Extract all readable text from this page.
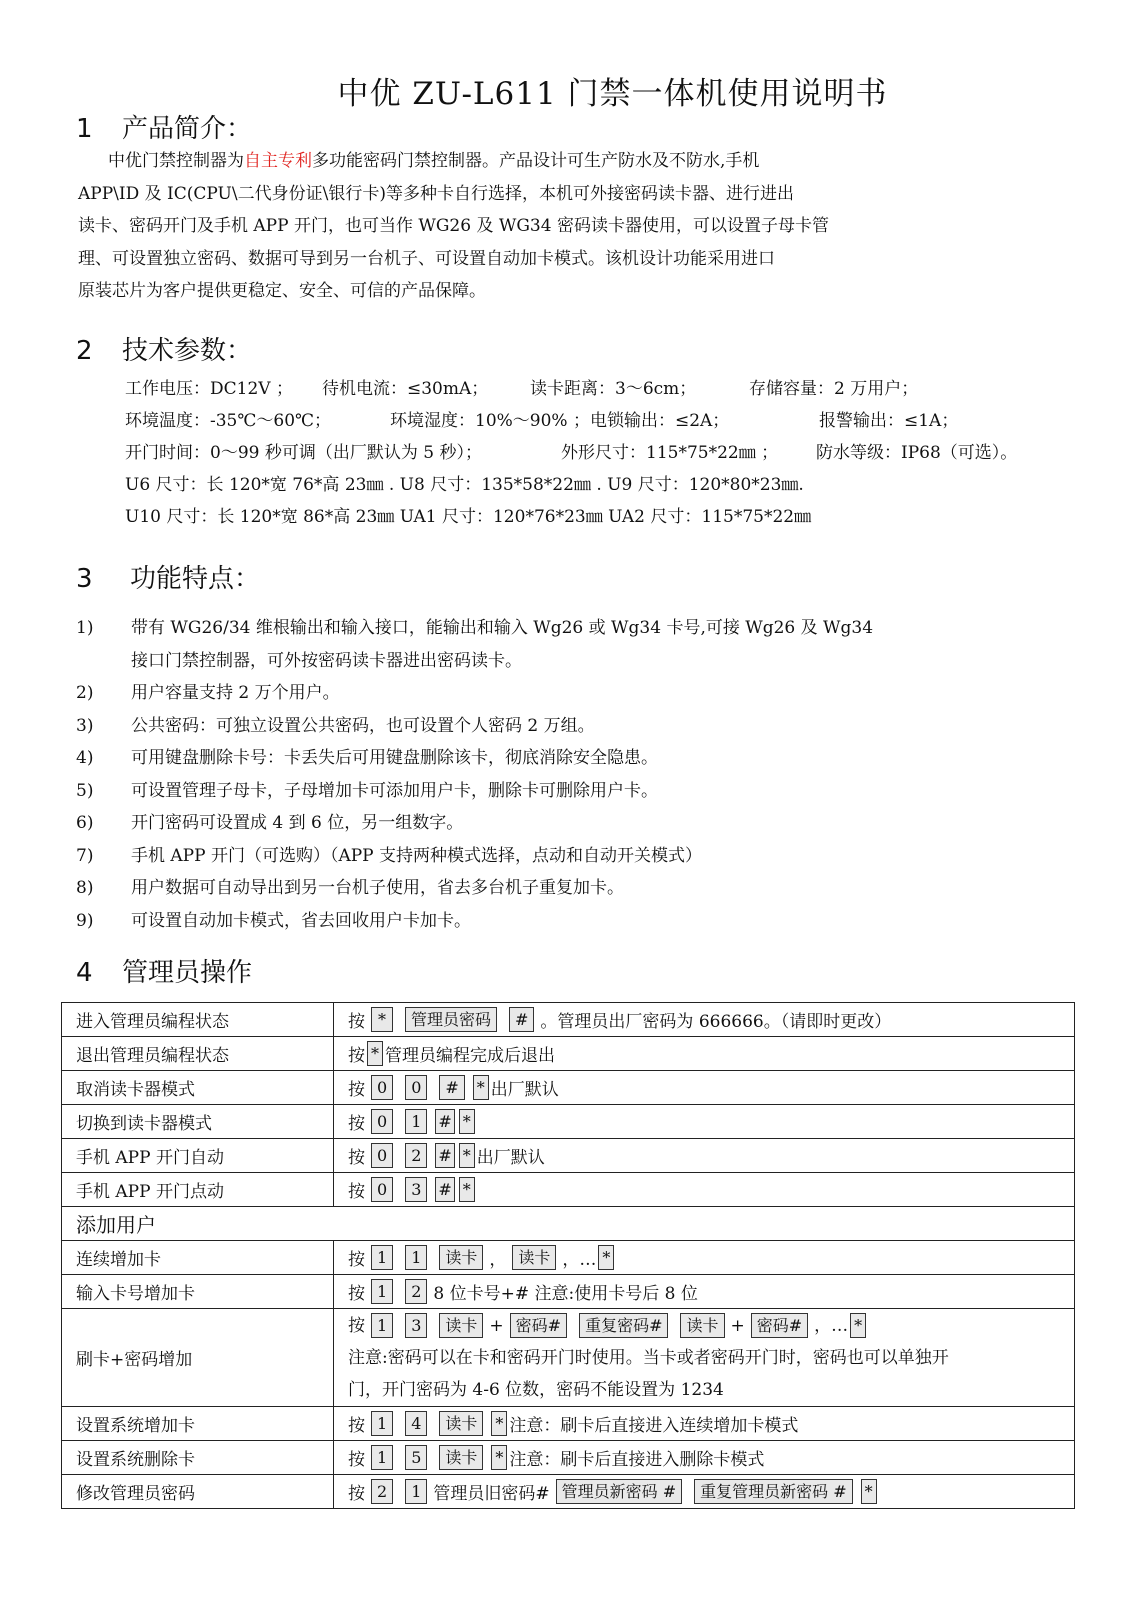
中优 ZU-L611 门禁一体机使用说明书
1 产品简介：

中优门禁控制器为自主专利多功能密码门禁控制器。产品设计可生产防水及不防水,手机

APP\ID 及 IC(CPU\二代身份证\银行卡)等多种卡自行选择，本机可外接密码读卡器、进行进出

读卡、密码开门及手机 APP 开门，也可当作 WG26 及 WG34 密码读卡器使用，可以设置子母卡管

理、可设置独立密码、数据可导到另一台机子、可设置自动加卡模式。该机设计功能采用进口

原装芯片为客户提供更稳定、安全、可信的产品保障。

2 技术参数：
工作电压：DC12V ； 待机电流：≤30mA； 读卡距离：3～6cm；	存储容量：2 万用户；
环境温度：-35℃～60℃；	环境湿度：10%～90% ；电锁输出：≤2A；	报警输出：≤1A；
开门时间：0～99 秒可调（出厂默认为 5 秒）；	外形尺寸：115*75*22㎜ ； 防水等级：IP68（可选）。
U6 尺寸：长 120*宽 76*高 23㎜ . U8 尺寸：135*58*22㎜ . U9 尺寸：120*80*23㎜.
U10 尺寸：长 120*宽 86*高 23㎜ UA1 尺寸：120*76*23㎜ UA2 尺寸：115*75*22㎜
3 功能特点：
1) 带有 WG26/34 维根输出和输入接口，能输出和输入 Wg26 或 Wg34 卡号,可接 Wg26 及 Wg34
接口门禁控制器，可外按密码读卡器进出密码读卡。
2) 用户容量支持 2 万个用户。
3) 公共密码：可独立设置公共密码，也可设置个人密码 2 万组。
4) 可用键盘删除卡号：卡丢失后可用键盘删除该卡，彻底消除安全隐患。
5) 可设置管理子母卡，子母增加卡可添加用户卡，删除卡可删除用户卡。
6) 开门密码可设置成 4 到 6 位，另一组数字。
7) 手机 APP 开门（可选购）（APP 支持两种模式选择，点动和自动开关模式）
8) 用户数据可自动导出到另一台机子使用，省去多台机子重复加卡。
9) 可设置自动加卡模式，省去回收用户卡加卡。
4 管理员操作
进入管理员编程状态	按 * 管理员密码 # 。管理员出厂密码为 666666。（请即时更改）
退出管理员编程状态	按 * 管理员编程完成后退出
取消读卡器模式	按 0 0 # * 出厂默认
切换到读卡器模式	按 0 1 # *
手机 APP 开门自动	按 0 2 # * 出厂默认
手机 APP 开门点动	按 0 3 # *
添加用户	
连续增加卡	按 1 1 读卡 ， 读卡 ，… *
输入卡号增加卡	按 1 2 8 位卡号+# 注意:使用卡号后 8 位
刷卡+密码增加	按 1 3 读卡 + 密码# 重复密码# 读卡 + 密码# ，… *
注意:密码可以在卡和密码开门时使用。当卡或者密码开门时，密码也可以单独开
门，开门密码为 4-6 位数，密码不能设置为 1234

设置系统增加卡	按 1 4 读卡 * 注意：刷卡后直接进入连续增加卡模式
设置系统删除卡	按 1 5 读卡 * 注意：刷卡后直接进入删除卡模式
修改管理员密码	按 2 1 管理员旧密码# 管理员新密码 # 重复管理员新密码 # *
